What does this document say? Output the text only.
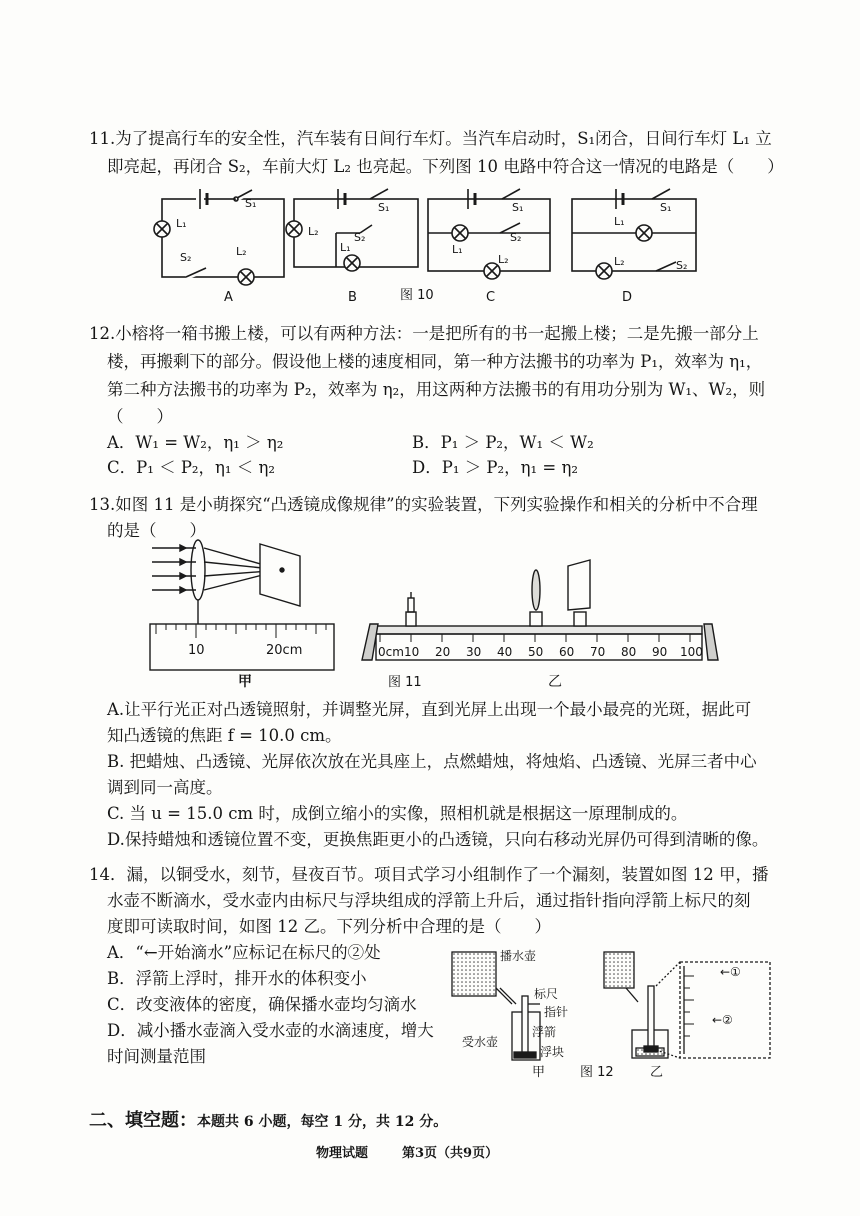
11.为了提高行车的安全性，汽车装有日间行车灯。当汽车启动时，S₁闭合，日间行车灯 L₁ 立
即亮起，再闭合 S₂，车前大灯 L₂ 也亮起。下列图 10 电路中符合这一情况的电路是（　　）
S₁
L₁
S₂	L₂
S₁
L₂
L₁
S₂
S₁
L₁
S₂
L₂
S₁
L₁
L₂	S₂
A	B	图 10	C	D
12.小榕将一箱书搬上楼，可以有两种方法：一是把所有的书一起搬上楼；二是先搬一部分上
楼，再搬剩下的部分。假设他上楼的速度相同，第一种方法搬书的功率为 P₁，效率为 η₁，
第二种方法搬书的功率为 P₂，效率为 η₂，用这两种方法搬书的有用功分别为 W₁、W₂，则
（　　）
A．W₁ = W₂，η₁ ＞ η₂	B．P₁ ＞ P₂，W₁ ＜ W₂
C．P₁ ＜ P₂，η₁ ＜ η₂	D．P₁ ＞ P₂，η₁ = η₂
13.如图 11 是小萌探究“凸透镜成像规律”的实验装置，下列实验操作和相关的分析中不合理
的是（　　）
10	20cm
甲
0cm 10 20 30 40 50 60 70 80 90 100
图 11	乙
A.让平行光正对凸透镜照射，并调整光屏，直到光屏上出现一个最小最亮的光斑，据此可
知凸透镜的焦距 f = 10.0 cm。
B. 把蜡烛、凸透镜、光屏依次放在光具座上，点燃蜡烛，将烛焰、凸透镜、光屏三者中心
调到同一高度。
C. 当 u = 15.0 cm 时，成倒立缩小的实像，照相机就是根据这一原理制成的。
D.保持蜡烛和透镜位置不变，更换焦距更小的凸透镜，只向右移动光屏仍可得到清晰的像。
14．漏，以铜受水，刻节，昼夜百节。项目式学习小组制作了一个漏刻，装置如图 12 甲，播
水壶不断滴水，受水壶内由标尺与浮块组成的浮箭上升后，通过指针指向浮箭上标尺的刻
度即可读取时间，如图 12 乙。下列分析中合理的是（　　）
A．“←开始滴水”应标记在标尺的②处
B．浮箭上浮时，排开水的体积变小
C．改变液体的密度，确保播水壶均匀滴水
D．减小播水壶滴入受水壶的水滴速度，增大
时间测量范围
播水壶
标尺
指针
浮箭
浮块
受水壶
←①
←②
甲	图 12	乙
二、填空题：本题共 6 小题，每空 1 分，共 12 分。
物理试题	第3页（共9页）
